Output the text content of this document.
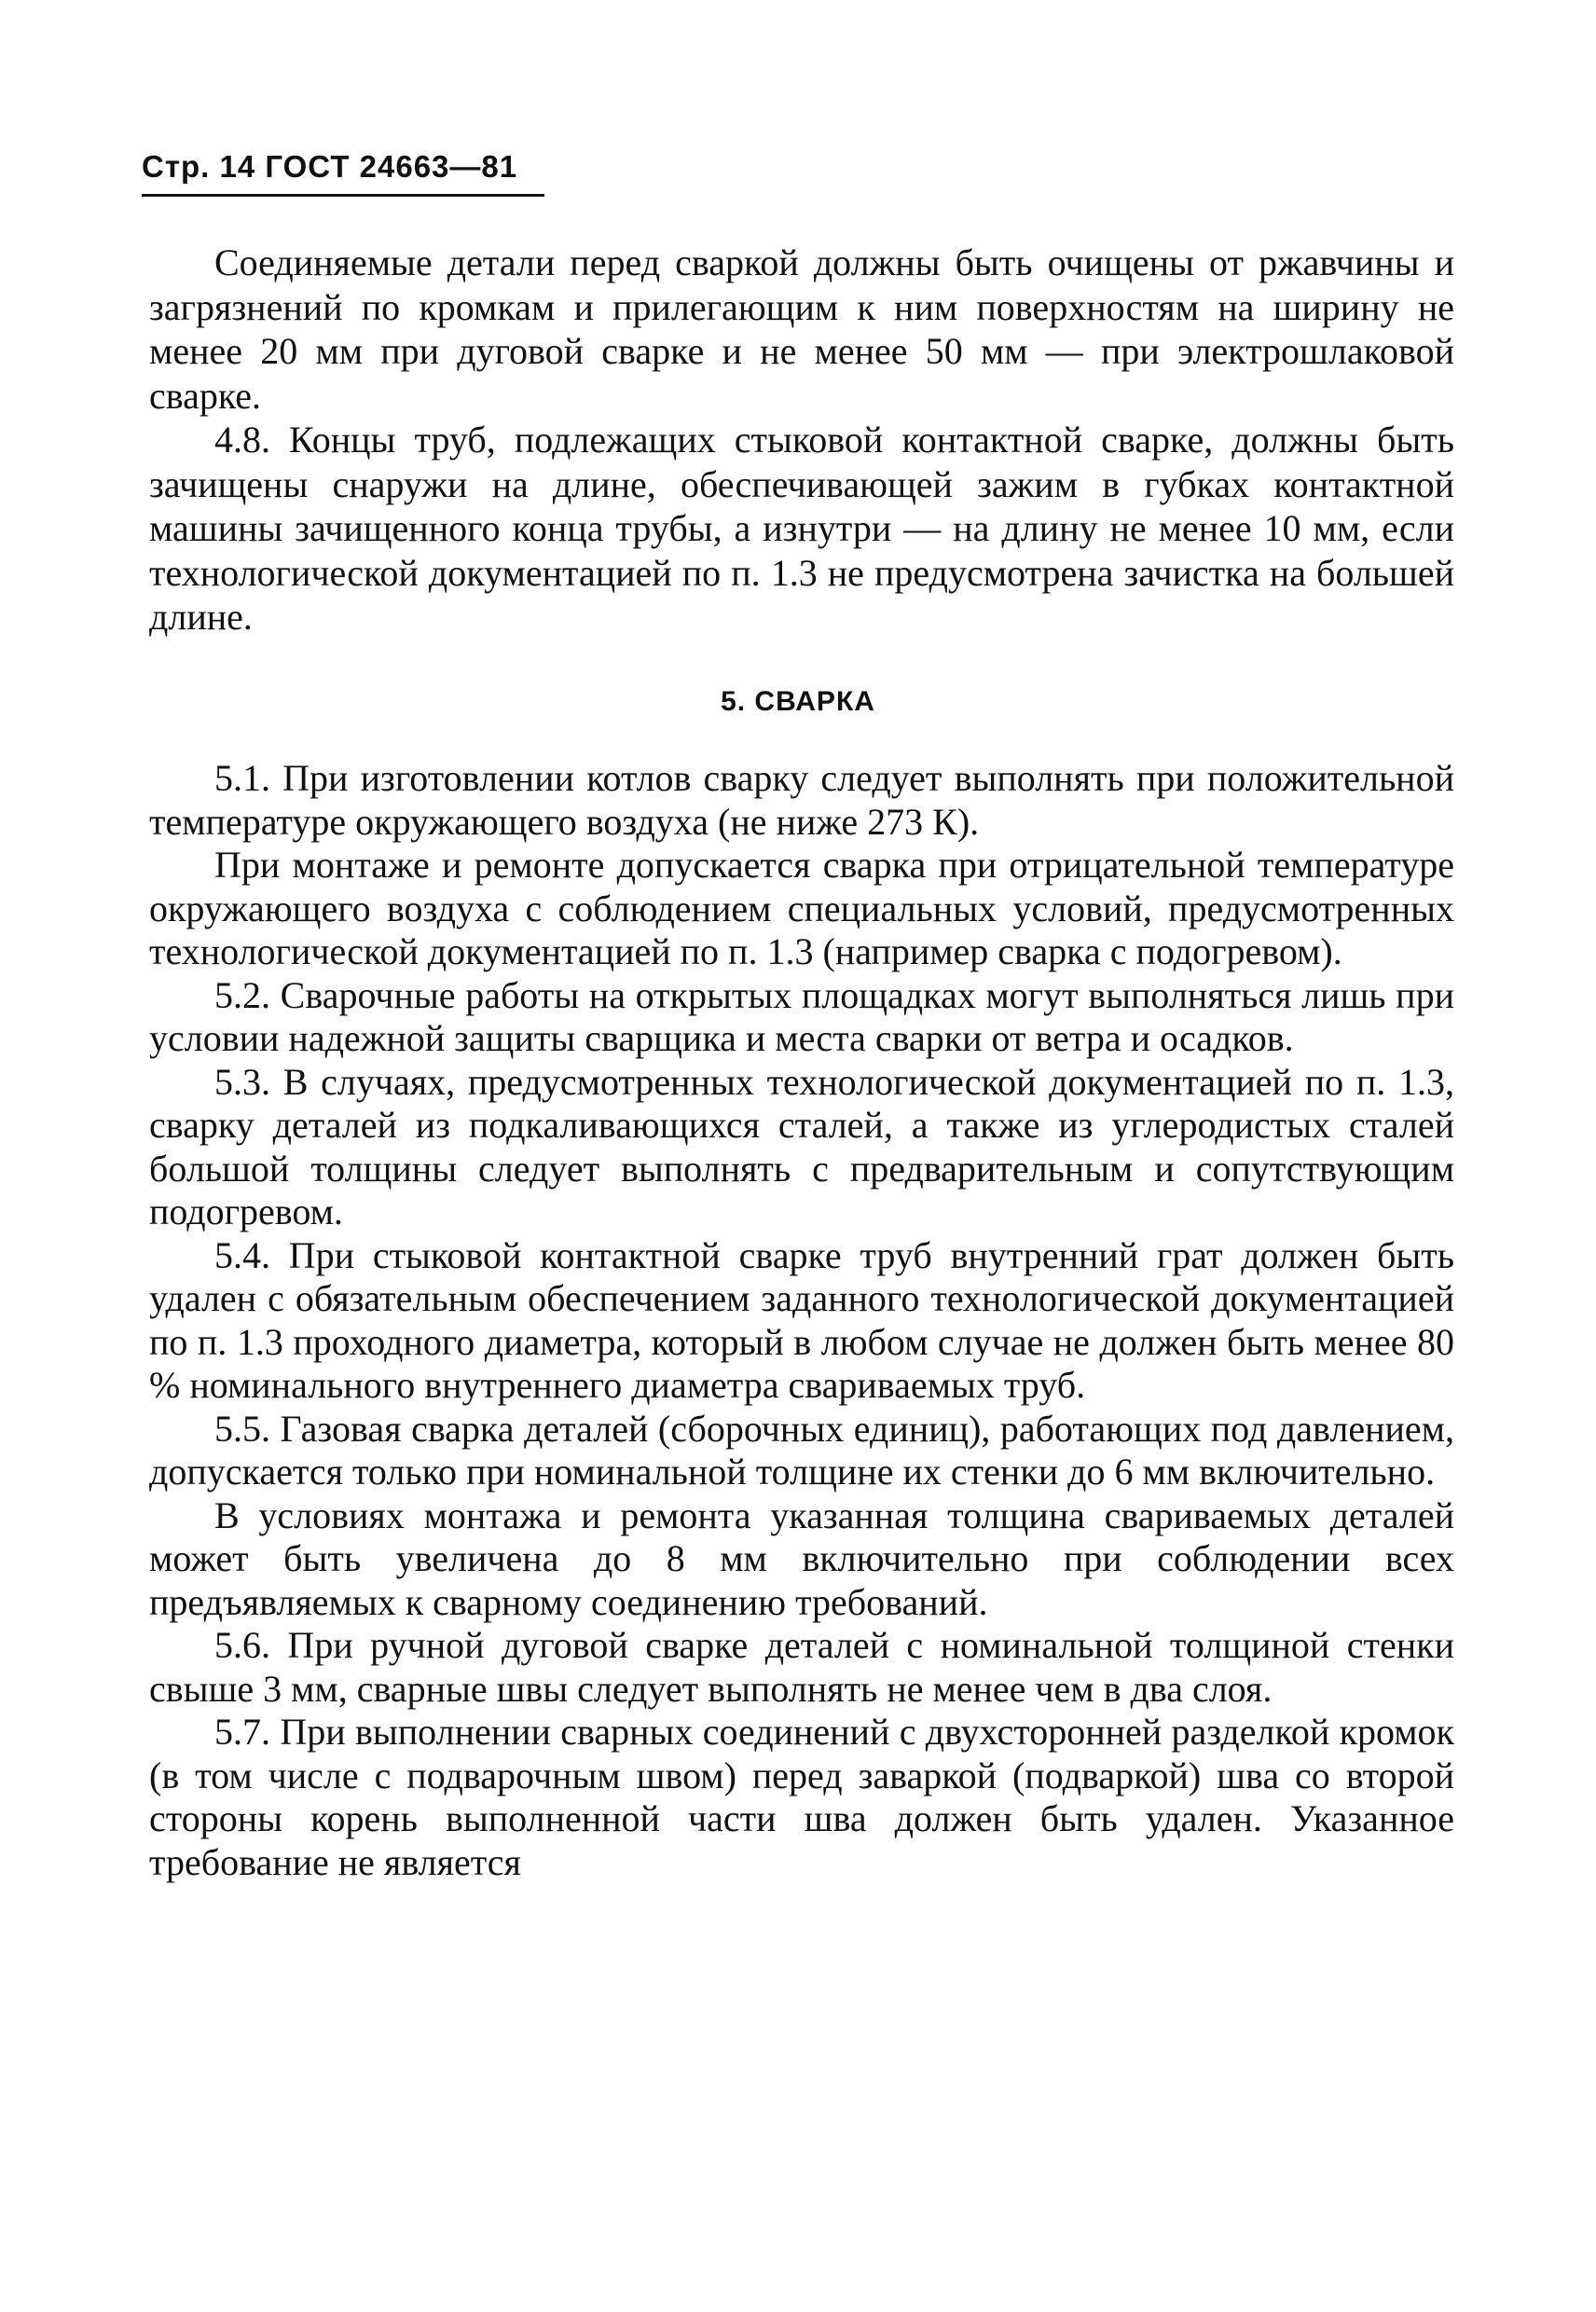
Стр. 14 ГОСТ 24663—81

Соединяемые детали перед сваркой должны быть очищены от ржавчины и загрязнений по кромкам и прилегающим к ним поверхностям на ширину не менее 20 мм при дуговой сварке и не менее 50 мм — при электрошлаковой сварке.

4.8. Концы труб, подлежащих стыковой контактной сварке, должны быть зачищены снаружи на длине, обеспечивающей зажим в губках контактной машины зачищенного конца трубы, а изнутри — на длину не менее 10 мм, если технологической документацией по п. 1.3 не предусмотрена зачистка на большей длине.

5. СВАРКА

5.1. При изготовлении котлов сварку следует выполнять при положительной температуре окружающего воздуха (не ниже 273 К).

При монтаже и ремонте допускается сварка при отрицательной температуре окружающего воздуха с соблюдением специальных условий, предусмотренных технологической документацией по п. 1.3 (например сварка с подогревом).

5.2. Сварочные работы на открытых площадках могут выполняться лишь при условии надежной защиты сварщика и места сварки от ветра и осадков.

5.3. В случаях, предусмотренных технологической документацией по п. 1.3, сварку деталей из подкаливающихся сталей, а также из углеродистых сталей большой толщины следует выполнять с предварительным и сопутствующим подогревом.

5.4. При стыковой контактной сварке труб внутренний грат должен быть удален с обязательным обеспечением заданного технологической документацией по п. 1.3 проходного диаметра, который в любом случае не должен быть менее 80 % номинального внутреннего диаметра свариваемых труб.

5.5. Газовая сварка деталей (сборочных единиц), работающих под давлением, допускается только при номинальной толщине их стенки до 6 мм включительно.

В условиях монтажа и ремонта указанная толщина свариваемых деталей может быть увеличена до 8 мм включительно при соблюдении всех предъявляемых к сварному соединению требований.

5.6. При ручной дуговой сварке деталей с номинальной толщиной стенки свыше 3 мм, сварные швы следует выполнять не менее чем в два слоя.

5.7. При выполнении сварных соединений с двухсторонней разделкой кромок (в том числе с подварочным швом) перед заваркой (подваркой) шва со второй стороны корень выполненной части шва должен быть удален. Указанное требование не является
